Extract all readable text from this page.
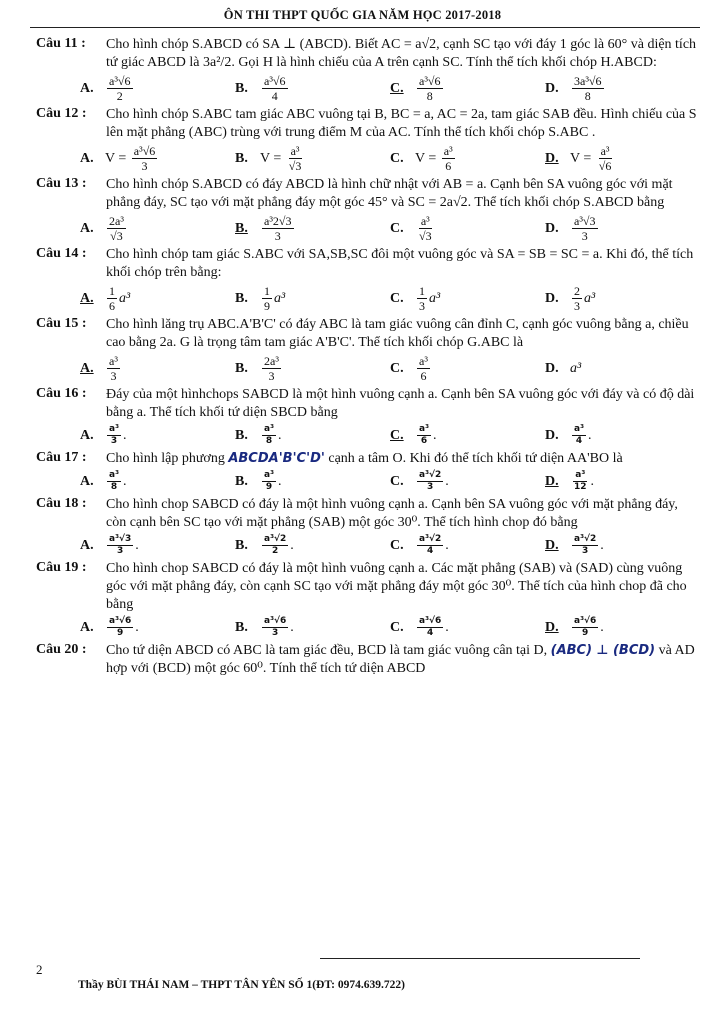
ÔN THI THPT QUỐC GIA NĂM HỌC 2017-2018
Câu 11 : Cho hình chóp S.ABCD có SA ⊥ (ABCD). Biết AC = a√2, cạnh SC tạo với đáy 1 góc là 60° và diện tích tứ giác ABCD là 3a²/2. Gọi H là hình chiếu của A trên cạnh SC. Tính thể tích khối chóp H.ABCD:
A.	$\frac{\text{a³√6}}{2}$	B.	$\frac{\text{a³√6}}{4}$	C.	$\frac{\text{a³√6}}{8}$	D.	$\frac{\text{3a³√6}}{8}$
Câu 12 : Cho hình chóp S.ABC tam giác ABC vuông tại B, BC = a, AC = 2a, tam giác SAB đều. Hình chiếu của S lên mặt phẳng (ABC) trùng với trung điểm M của AC. Tính thể tích khối chóp S.ABC .
A. $V = \frac{\text{a³√6}}{3}$	B. $V = \frac{\text{a³}}{√3}$	C. $V = \frac{\text{a³}}{6}$	D. $V = \frac{\text{a³}}{√6}$
Câu 13 : Cho hình chóp S.ABCD có đáy ABCD là hình chữ nhật với AB = a. Cạnh bên SA vuông góc với mặt phẳng đáy, SC tạo với mặt phẳng đáy một góc 45° và SC = 2a√2. Thể tích khối chóp S.ABCD bằng
A.	$\frac{\text{2a³}}{√3}$	B.	$\frac{\text{a³2√3}}{3}$	C.	$\frac{\text{a³}}{√3}$	D.	$\frac{\text{a³√3}}{3}$
Câu 14 : Cho hình chóp tam giác S.ABC với SA,SB,SC đôi một vuông góc và SA = SB = SC = a. Khi đó, thể tích khối chóp trên bằng:
A.	$\frac{1}{6} a^3$	B.	$\frac{1}{9} a^3$	C.	$\frac{1}{3} a^3$	D.	$\frac{2}{3} a^3$
Câu 15 : Cho hình lăng trụ ABC.A'B'C' có đáy ABC là tam giác vuông cân đỉnh C, cạnh góc vuông bằng a, chiều cao bằng 2a. G là trọng tâm tam giác A'B'C'. Thể tích khối chóp G.ABC là
A.	$\frac{\text{a³}}{3}$	B.	$\frac{\text{2a³}}{3}$	C.	$\frac{\text{a³}}{6}$	D. a³
Câu 16 : Đáy của một hìnhchops SABCD là một hình vuông cạnh a. Cạnh bên SA vuông góc với đáy và có độ dài bằng a. Thể tích khối tứ diện SBCD bằng
A.	$\frac{\text{a³}}{3}$ .	B.	$\frac{\text{a³}}{8}$ .	C.	$\frac{\text{a³}}{6}$ .	D.	$\frac{\text{a³}}{4}$ .
Câu 17 : Cho hình lập phương ABCDA'B'C'D' cạnh a tâm O. Khi đó thể tích khối tứ diện AA'BO là
A.	$\frac{\text{a³}}{8}$ .	B.	$\frac{\text{a³}}{9}$ .	C.	$\frac{\text{a³√2}}{3}$ .	D.	$\frac{\text{a³}}{12}$ .
Câu 18 : Cho hình chop SABCD có đáy là một hình vuông cạnh a. Cạnh bên SA vuông góc với mặt phẳng đáy, còn cạnh bên SC tạo với mặt phẳng (SAB) một góc 30⁰. Thể tích hình chop đó bằng
A.	$\frac{\text{a³√3}}{3}$ .	B.	$\frac{\text{a³√2}}{2}$ .	C.	$\frac{\text{a³√2}}{4}$ .	D.	$\frac{\text{a³√2}}{3}$ .
Câu 19 : Cho hình chop SABCD có đáy là một hình vuông cạnh a. Các mặt phẳng (SAB) và (SAD) cùng vuông góc với mặt phẳng đáy, còn cạnh SC tạo với mặt phẳng đáy một góc 30⁰. Thể tích của hình chop đã cho bằng
A.	$\frac{\text{a³√6}}{9}$ .	B.	$\frac{\text{a³√6}}{3}$ .	C.	$\frac{\text{a³√6}}{4}$ .	D.	$\frac{\text{a³√6}}{9}$ .
Câu 20 : Cho tứ diện ABCD có ABC là tam giác đều, BCD là tam giác vuông cân tại D, (ABC) ⊥ (BCD) và AD hợp với (BCD) một góc 60⁰. Tính thể tích tứ diện ABCD
2
Thầy BÙI THÁI NAM – THPT TÂN YÊN SỐ 1(ĐT: 0974.639.722)
